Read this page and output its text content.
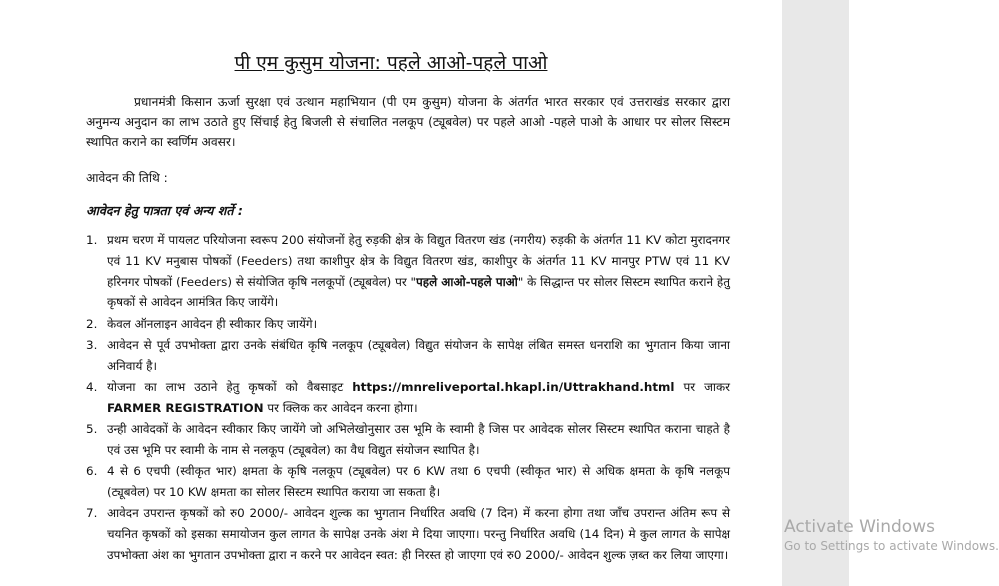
पी एम कुसुम योजना: पहले आओ-पहले पाओ
प्रधानमंत्री किसान ऊर्जा सुरक्षा एवं उत्थान महाभियान (पी एम कुसुम) योजना के अंतर्गत भारत सरकार एवं उत्तराखंड सरकार द्वारा अनुमन्य अनुदान का लाभ उठाते हुए सिंचाई हेतु बिजली से संचालित नलकूप (ट्यूबवेल) पर पहले आओ -पहले पाओ के आधार पर सोलर सिस्टम स्थापित कराने का स्वर्णिम अवसर।
आवेदन की तिथि :
आवेदन हेतु पात्रता एवं अन्य शर्ते :
1. प्रथम चरण में पायलट परियोजना स्वरूप 200 संयोजनों हेतु रुड़की क्षेत्र के विद्युत वितरण खंड (नगरीय) रुड़की के अंतर्गत 11 KV कोटा मुरादनगर एवं 11 KV मनुबास पोषकों (Feeders) तथा काशीपुर क्षेत्र के विद्युत वितरण खंड, काशीपुर के अंतर्गत 11 KV मानपुर PTW एवं 11 KV हरिनगर पोषकों (Feeders) से संयोजित कृषि नलकूपों (ट्यूबवेल) पर "पहले आओ-पहले पाओ" के सिद्धान्त पर सोलर सिस्टम स्थापित कराने हेतु कृषकों से आवेदन आमंत्रित किए जायेंगे।
2. केवल ऑनलाइन आवेदन ही स्वीकार किए जायेंगे।
3. आवेदन से पूर्व उपभोक्ता द्वारा उनके संबंधित कृषि नलकूप (ट्यूबवेल) विद्युत संयोजन के सापेक्ष लंबित समस्त धनराशि का भुगतान किया जाना अनिवार्य है।
4. योजना का लाभ उठाने हेतु कृषकों को वैबसाइट https://mnreliveportal.hkapl.in/Uttrakhand.html पर जाकर FARMER REGISTRATION पर क्लिक कर आवेदन करना होगा।
5. उन्ही आवेदकों के आवेदन स्वीकार किए जायेंगे जो अभिलेखोनुसार उस भूमि के स्वामी है जिस पर आवेदक सोलर सिस्टम स्थापित कराना चाहते है एवं उस भूमि पर स्वामी के नाम से नलकूप (ट्यूबवेल) का वैध विद्युत संयोजन स्थापित है।
6. 4 से 6 एचपी (स्वीकृत भार) क्षमता के कृषि नलकूप (ट्यूबवेल) पर 6 KW तथा 6 एचपी (स्वीकृत भार) से अधिक क्षमता के कृषि नलकूप (ट्यूबवेल) पर 10 KW क्षमता का सोलर सिस्टम स्थापित कराया जा सकता है।
7. आवेदन उपरान्त कृषकों को रु0 2000/- आवेदन शुल्क का भुगतान निर्धारित अवधि (7 दिन) में करना होगा तथा जाँच उपरान्त अंतिम रूप से चयनित कृषकों को इसका समायोजन कुल लागत के सापेक्ष उनके अंश मे दिया जाएगा। परन्तु निर्धारित अवधि (14 दिन) मे कुल लागत के सापेक्ष उपभोक्ता अंश का भुगतान उपभोक्ता द्वारा न करने पर आवेदन स्वत: ही निरस्त हो जाएगा एवं रु0 2000/- आवेदन शुल्क ज़ब्त कर लिया जाएगा।
Activate Windows
Go to Settings to activate Windows.
